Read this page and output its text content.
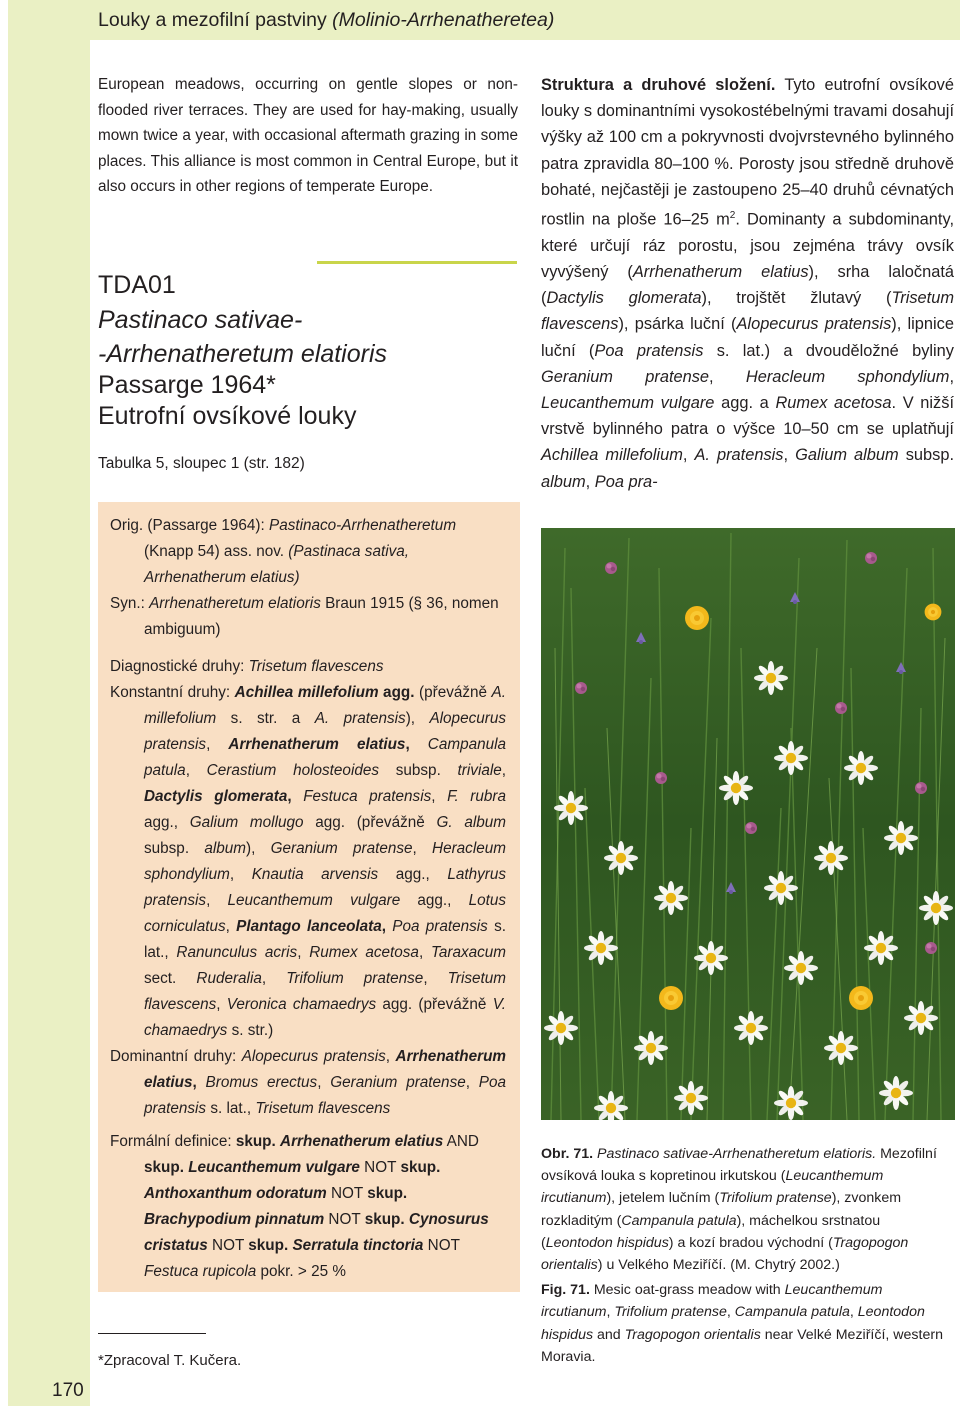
Louky a mezofilní pastviny (Molinio-Arrhenatheretea)
170
European meadows, occurring on gentle slopes or non-flooded river terraces. They are used for hay-making, usually mown twice a year, with occasional aftermath grazing in some places. This alliance is most common in Central Europe, but it also occurs in other regions of temperate Europe.
TDA01
Pastinaco sativae-
-Arrhenatheretum elatioris
Passarge 1964*
Eutrofní ovsíkové louky
Tabulka 5, sloupec 1 (str. 182)
Orig. (Passarge 1964): Pastinaco-Arrhenatheretum (Knapp 54) ass. nov. (Pastinaca sativa, Arrhenatherum elatius)
Syn.: Arrhenatheretum elatioris Braun 1915 (§ 36, nomen ambiguum)
Diagnostické druhy: Trisetum flavescens
Konstantní druhy: Achillea millefolium agg. (převážně A. millefolium s. str. a A. pratensis), Alopecurus pratensis, Arrhenatherum elatius, Campanula patula, Cerastium holosteoides subsp. triviale, Dactylis glomerata, Festuca pratensis, F. rubra agg., Galium mollugo agg. (převážně G. album subsp. album), Geranium pratense, Heracleum sphondylium, Knautia arvensis agg., Lathyrus pratensis, Leucanthemum vulgare agg., Lotus corniculatus, Plantago lanceolata, Poa pratensis s. lat., Ranunculus acris, Rumex acetosa, Taraxacum sect. Ruderalia, Trifolium pratense, Trisetum flavescens, Veronica chamaedrys agg. (převážně V. chamaedrys s. str.)
Dominantní druhy: Alopecurus pratensis, Arrhenatherum elatius, Bromus erectus, Geranium pratense, Poa pratensis s. lat., Trisetum flavescens
Formální definice: skup. Arrhenatherum elatius AND skup. Leucanthemum vulgare NOT skup. Anthoxanthum odoratum NOT skup. Brachypodium pinnatum NOT skup. Cynosurus cristatus NOT skup. Serratula tinctoria NOT Festuca rupicola pokr. > 25 %
*Zpracoval T. Kučera.
Struktura a druhové složení. Tyto eutrofní ovsíkové louky s dominantními vysokostébelnými travami dosahují výšky až 100 cm a pokryvnosti dvojvrstevného bylinného patra zpravidla 80–100 %. Porosty jsou středně druhově bohaté, nejčastěji je zastoupeno 25–40 druhů cévnatých rostlin na ploše 16–25 $m^2$. Dominanty a subdominanty, které určují ráz porostu, jsou zejména trávy ovsík vyvýšený (Arrhenatherum elatius), srha laločnatá (Dactylis glomerata), trojštět žlutavý (Trisetum flavescens), psárka luční (Alopecurus pratensis), lipnice luční (Poa pratensis s. lat.) a dvouděložné byliny Geranium pratense, Heracleum sphondylium, Leucanthemum vulgare agg. a Rumex acetosa. V nižší vrstvě bylinného patra o výšce 10–50 cm se uplatňují Achillea millefolium, A. pratensis, Galium album subsp. album, Poa pra-
Obr. 71. Pastinaco sativae-Arrhenatheretum elatioris. Mezofilní ovsíková louka s kopretinou irkutskou (Leucanthemum ircutianum), jetelem lučním (Trifolium pratense), zvonkem rozkladitým (Campanula patula), máchelkou srstnatou (Leontodon hispidus) a kozí bradou východní (Tragopogon orientalis) u Velkého Meziříčí. (M. Chytrý 2002.)
Fig. 71. Mesic oat-grass meadow with Leucanthemum ircutianum, Trifolium pratense, Campanula patula, Leontodon hispidus and Tragopogon orientalis near Velké Meziříčí, western Moravia.
